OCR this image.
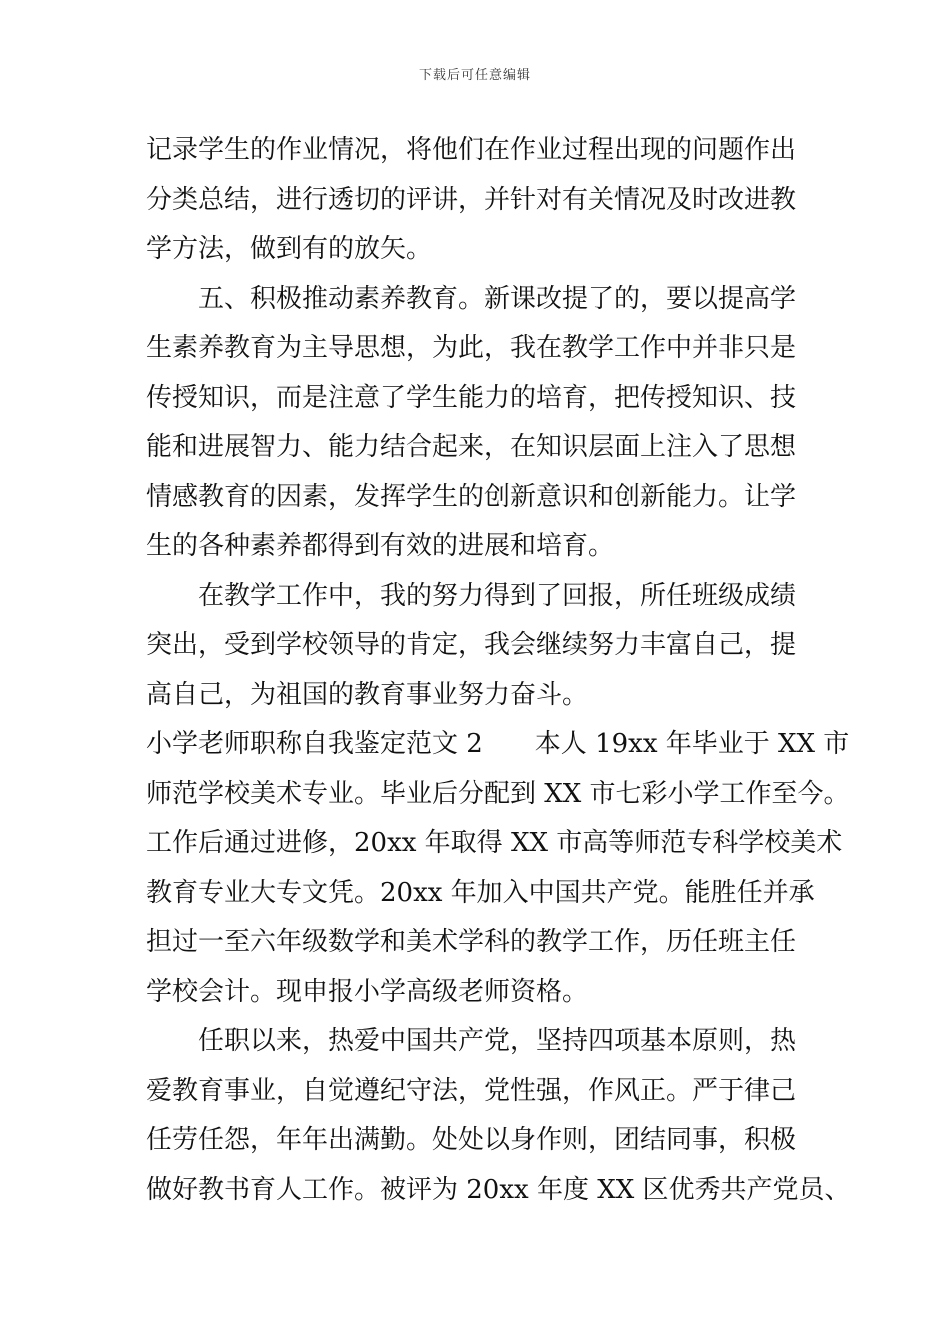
下载后可任意编辑
记录学生的作业情况，将他们在作业过程出现的问题作出
分类总结，进行透切的评讲，并针对有关情况及时改进教
学方法，做到有的放矢。
五、积极推动素养教育。新课改提了的，要以提高学
生素养教育为主导思想，为此，我在教学工作中并非只是
传授知识，而是注意了学生能力的培育，把传授知识、技
能和进展智力、能力结合起来，在知识层面上注入了思想
情感教育的因素，发挥学生的创新意识和创新能力。让学
生的各种素养都得到有效的进展和培育。
在教学工作中，我的努力得到了回报，所任班级成绩
突出，受到学校领导的肯定，我会继续努力丰富自己，提
高自己，为祖国的教育事业努力奋斗。
小学老师职称自我鉴定范文 2　　本人 19xx 年毕业于 XX 市
师范学校美术专业。毕业后分配到 XX 市七彩小学工作至今。
工作后通过进修，20xx 年取得 XX 市高等师范专科学校美术
教育专业大专文凭。20xx 年加入中国共产党。能胜任并承
担过一至六年级数学和美术学科的教学工作，历任班主任
学校会计。现申报小学高级老师资格。
任职以来，热爱中国共产党，坚持四项基本原则，热
爱教育事业，自觉遵纪守法，党性强，作风正。严于律己
任劳任怨，年年出满勤。处处以身作则，团结同事，积极
做好教书育人工作。被评为 20xx 年度 XX 区优秀共产党员、
